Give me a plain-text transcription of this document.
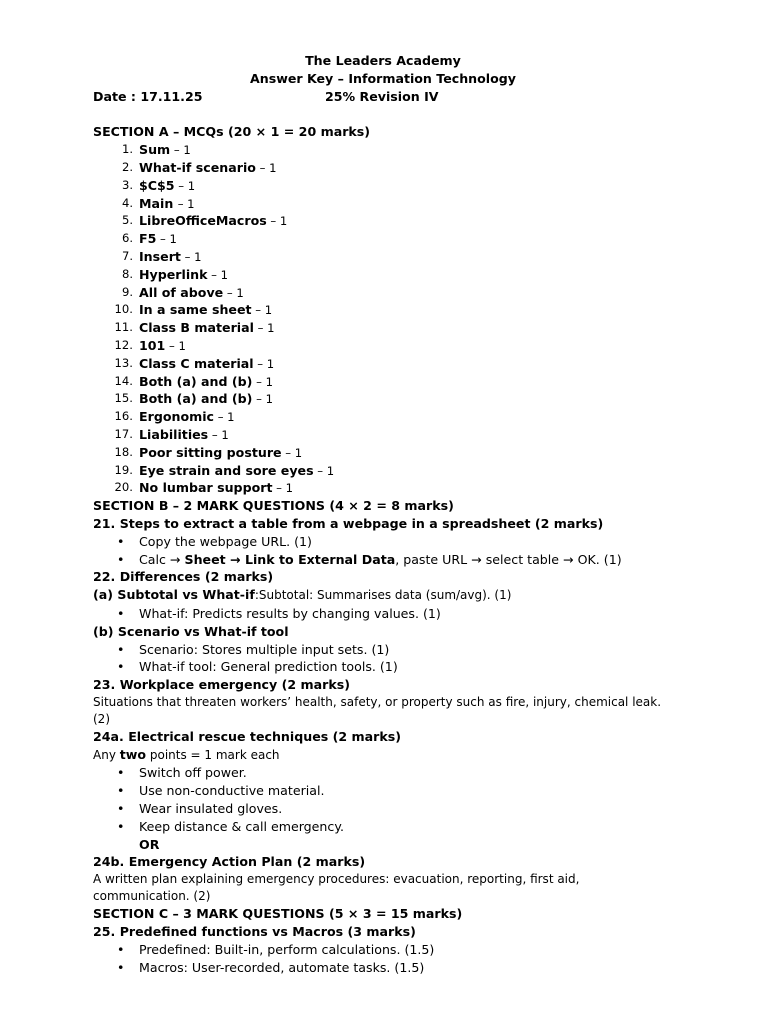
The Leaders Academy
Answer Key – Information Technology
Date : 17.11.25	25% Revision IV
SECTION A – MCQs (20 × 1 = 20 marks)
1. Sum – 1
2. What-if scenario – 1
3. $C$5 – 1
4. Main – 1
5. LibreOfficeMacros – 1
6. F5 – 1
7. Insert – 1
8. Hyperlink – 1
9. All of above – 1
10. In a same sheet – 1
11. Class B material – 1
12. 101 – 1
13. Class C material – 1
14. Both (a) and (b) – 1
15. Both (a) and (b) – 1
16. Ergonomic – 1
17. Liabilities – 1
18. Poor sitting posture – 1
19. Eye strain and sore eyes – 1
20. No lumbar support – 1
SECTION B – 2 MARK QUESTIONS (4 × 2 = 8 marks)
21. Steps to extract a table from a webpage in a spreadsheet (2 marks)
• Copy the webpage URL. (1)
• Calc → Sheet → Link to External Data, paste URL → select table → OK. (1)
22. Differences (2 marks)
(a) Subtotal vs What-if:Subtotal: Summarises data (sum/avg). (1)
• What-if: Predicts results by changing values. (1)
(b) Scenario vs What-if tool
• Scenario: Stores multiple input sets. (1)
• What-if tool: General prediction tools. (1)
23. Workplace emergency (2 marks)
Situations that threaten workers’ health, safety, or property such as fire, injury, chemical leak. (2)
24a. Electrical rescue techniques (2 marks)
Any two points = 1 mark each
• Switch off power.
• Use non-conductive material.
• Wear insulated gloves.
• Keep distance & call emergency.
OR
24b. Emergency Action Plan (2 marks)
A written plan explaining emergency procedures: evacuation, reporting, first aid, communication. (2)
SECTION C – 3 MARK QUESTIONS (5 × 3 = 15 marks)
25. Predefined functions vs Macros (3 marks)
• Predefined: Built-in, perform calculations. (1.5)
• Macros: User-recorded, automate tasks. (1.5)
